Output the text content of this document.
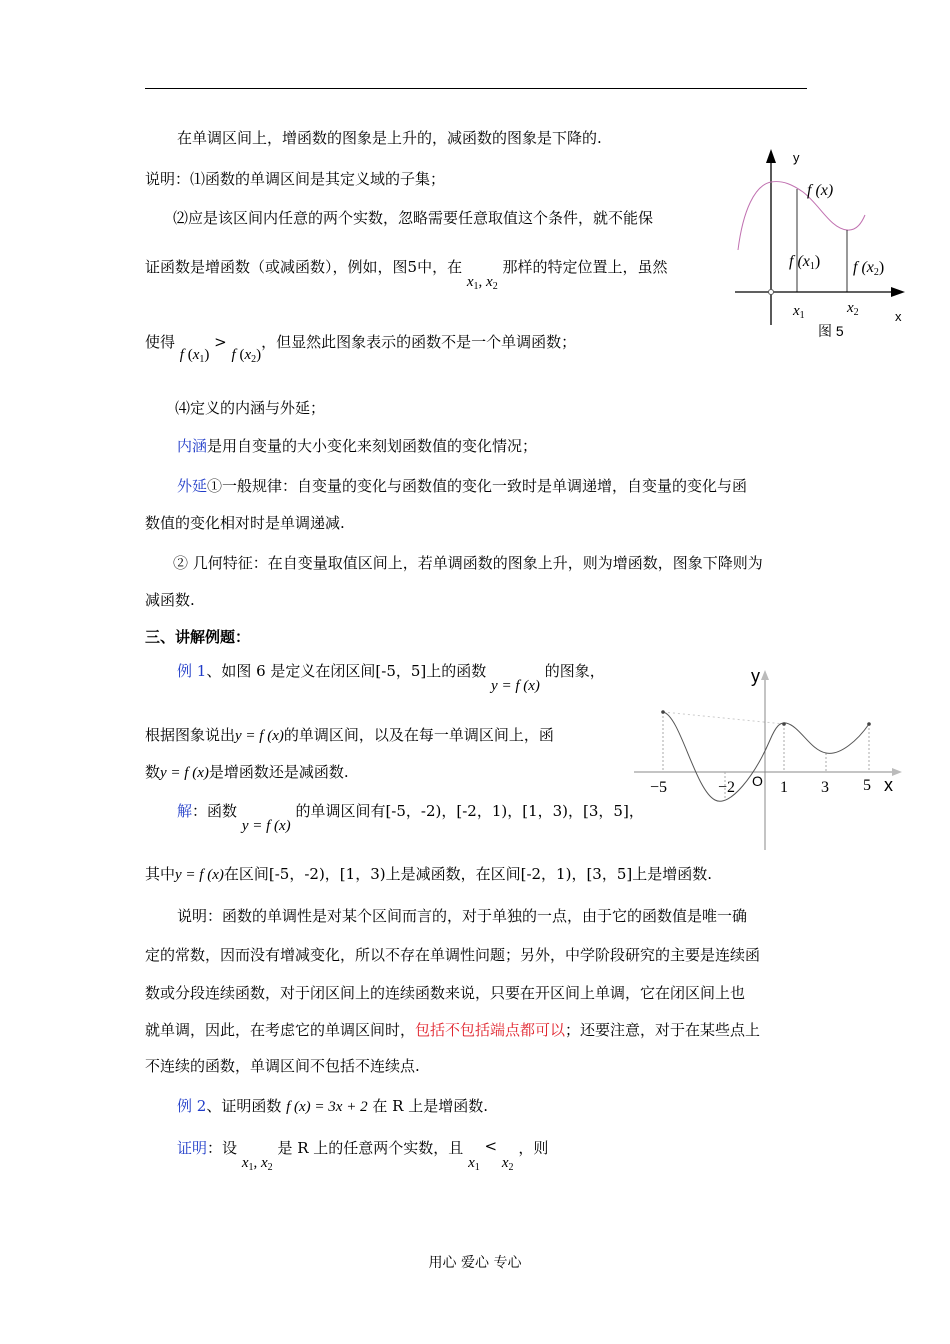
在单调区间上，增函数的图象是上升的，减函数的图象是下降的.
说明：⑴函数的单调区间是其定义域的子集；
⑵应是该区间内任意的两个实数，忽略需要任意取值这个条件，就不能保
证函数是增函数（或减函数），例如，图5中，在 $x_1$, $x_2$ 那样的特定位置上，虽然
使得 f $(x_1) > f$ $(x_2)$，但显然此图象表示的函数不是一个单调函数；
⑷定义的内涵与外延；
内涵是用自变量的大小变化来刻划函数值的变化情况；
外延①一般规律：自变量的变化与函数值的变化一致时是单调递增，自变量的变化与函
数值的变化相对时是单调递减.
② 几何特征：在自变量取值区间上，若单调函数的图象上升，则为增函数，图象下降则为
减函数.
三、讲解例题：
例 1、如图 6 是定义在闭区间[-5，5]上的函数 y = f (x) 的图象，
根据图象说出y = f (x)的单调区间，以及在每一单调区间上，函
数y = f (x)是增函数还是减函数.
解：函数 y = f (x) 的单调区间有[-5，-2)，[-2，1)，[1，3)，[3，5]，
其中y = f (x)在区间[-5，-2)，[1，3)上是减函数，在区间[-2，1)，[3，5]上是增函数.
说明：函数的单调性是对某个区间而言的，对于单独的一点，由于它的函数值是唯一确
定的常数，因而没有增减变化，所以不存在单调性问题；另外，中学阶段研究的主要是连续函
数或分段连续函数，对于闭区间上的连续函数来说，只要在开区间上单调，它在闭区间上也
就单调，因此，在考虑它的单调区间时，包括不包括端点都可以；还要注意，对于在某些点上
不连续的函数，单调区间不包括不连续点.
例 2、证明函数 f (x) = 3x + 2 在 R 上是增函数.
证明：设 $x_1$, $x_2$ 是 R 上的任意两个实数，且 $x_1 < x_2$ ，则
y
x
f (x)
f (x1) f (x2)
$x_1$	$x_2$
图 5
y
x
O
−5	−2	1 3 5
用心 爱心 专心
